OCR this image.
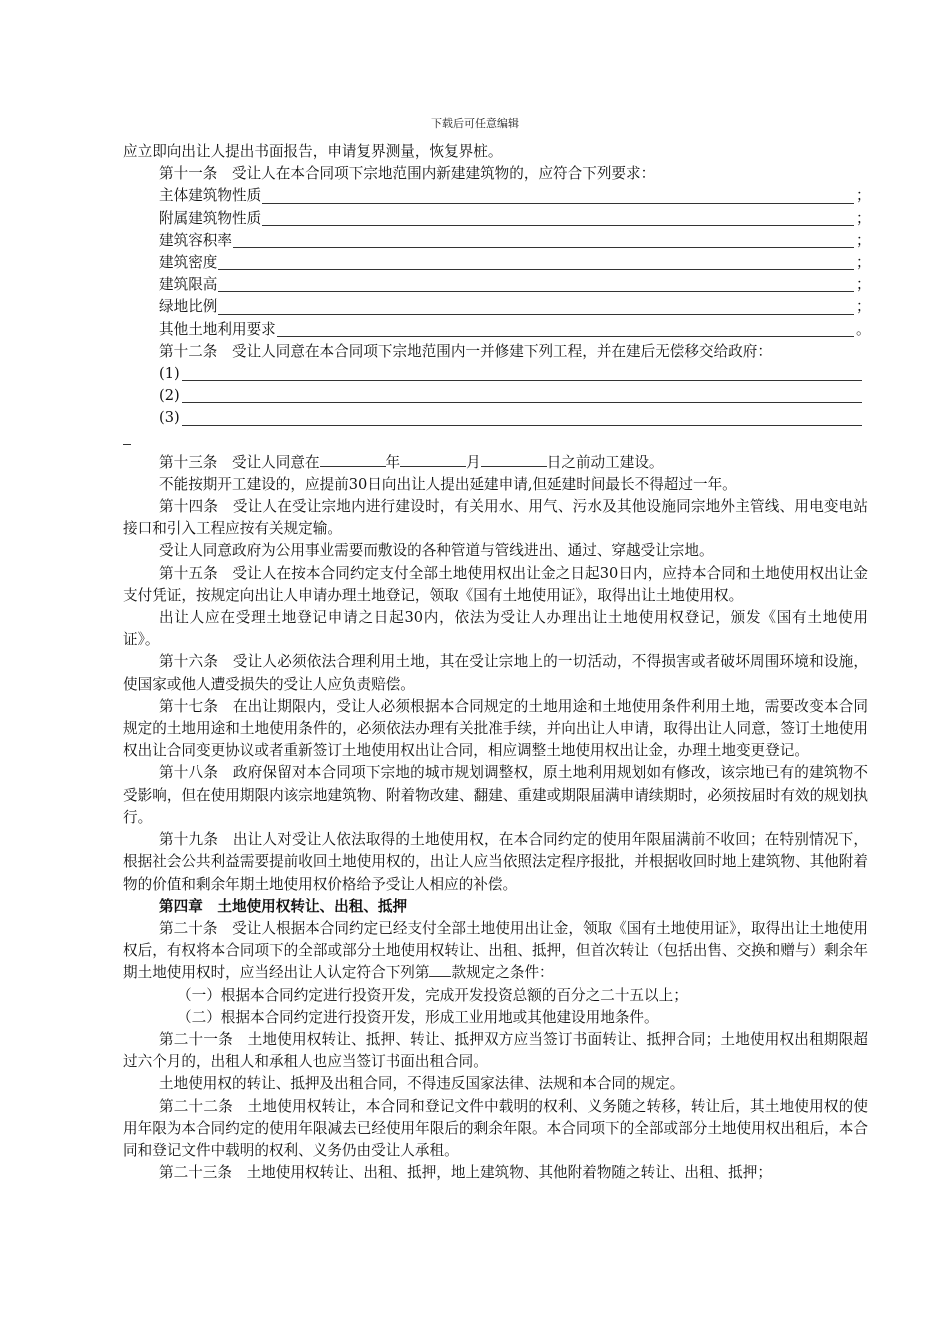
下载后可任意编辑

应立即向出让人提出书面报告，申请复界测量，恢复界桩。

第十一条　受让人在本合同项下宗地范围内新建建筑物的，应符合下列要求：

主体建筑物性质	；
附属建筑物性质	；
建筑容积率	；
建筑密度	；
建筑限高	；
绿地比例	；
其他土地利用要求	。

第十二条　受让人同意在本合同项下宗地范围内一并修建下列工程，并在建后无偿移交给政府：

(1)
(2)
(3)

第十三条　受让人同意在	年	月	日之前动工建设。

不能按期开工建设的，应提前30日向出让人提出延建申请,但延建时间最长不得超过一年。

第十四条　受让人在受让宗地内进行建设时，有关用水、用气、污水及其他设施同宗地外主管线、用电变电站接口和引入工程应按有关规定输。

受让人同意政府为公用事业需要而敷设的各种管道与管线进出、通过、穿越受让宗地。

第十五条　受让人在按本合同约定支付全部土地使用权出让金之日起30日内，应持本合同和土地使用权出让金支付凭证，按规定向出让人申请办理土地登记，领取《国有土地使用证》，取得出让土地使用权。

出让人应在受理土地登记申请之日起30内，依法为受让人办理出让土地使用权登记，颁发《国有土地使用证》。

第十六条　受让人必须依法合理利用土地，其在受让宗地上的一切活动，不得损害或者破坏周围环境和设施，使国家或他人遭受损失的受让人应负责赔偿。

第十七条　在出让期限内，受让人必须根据本合同规定的土地用途和土地使用条件利用土地，需要改变本合同规定的土地用途和土地使用条件的，必须依法办理有关批准手续，并向出让人申请，取得出让人同意，签订土地使用权出让合同变更协议或者重新签订土地使用权出让合同，相应调整土地使用权出让金，办理土地变更登记。

第十八条　政府保留对本合同项下宗地的城市规划调整权，原土地利用规划如有修改，该宗地已有的建筑物不受影响，但在使用期限内该宗地建筑物、附着物改建、翻建、重建或期限届满申请续期时，必须按届时有效的规划执行。

第十九条　出让人对受让人依法取得的土地使用权，在本合同约定的使用年限届满前不收回；在特别情况下，根据社会公共利益需要提前收回土地使用权的，出让人应当依照法定程序报批，并根据收回时地上建筑物、其他附着物的价值和剩余年期土地使用权价格给予受让人相应的补偿。

第四章　土地使用权转让、出租、抵押

第二十条　受让人根据本合同约定已经支付全部土地使用出让金，领取《国有土地使用证》，取得出让土地使用权后，有权将本合同项下的全部或部分土地使用权转让、出租、抵押，但首次转让（包括出售、交换和赠与）剩余年期土地使用权时，应当经出让人认定符合下列第 款规定之条件：

（一）根据本合同约定进行投资开发，完成开发投资总额的百分之二十五以上；

（二）根据本合同约定进行投资开发，形成工业用地或其他建设用地条件。

第二十一条　土地使用权转让、抵押、转让、抵押双方应当签订书面转让、抵押合同；土地使用权出租期限超过六个月的，出租人和承租人也应当签订书面出租合同。

土地使用权的转让、抵押及出租合同，不得违反国家法律、法规和本合同的规定。

第二十二条　土地使用权转让，本合同和登记文件中载明的权利、义务随之转移，转让后，其土地使用权的使用年限为本合同约定的使用年限减去已经使用年限后的剩余年限。本合同项下的全部或部分土地使用权出租后，本合同和登记文件中载明的权利、义务仍由受让人承租。

第二十三条　土地使用权转让、出租、抵押，地上建筑物、其他附着物随之转让、出租、抵押；
